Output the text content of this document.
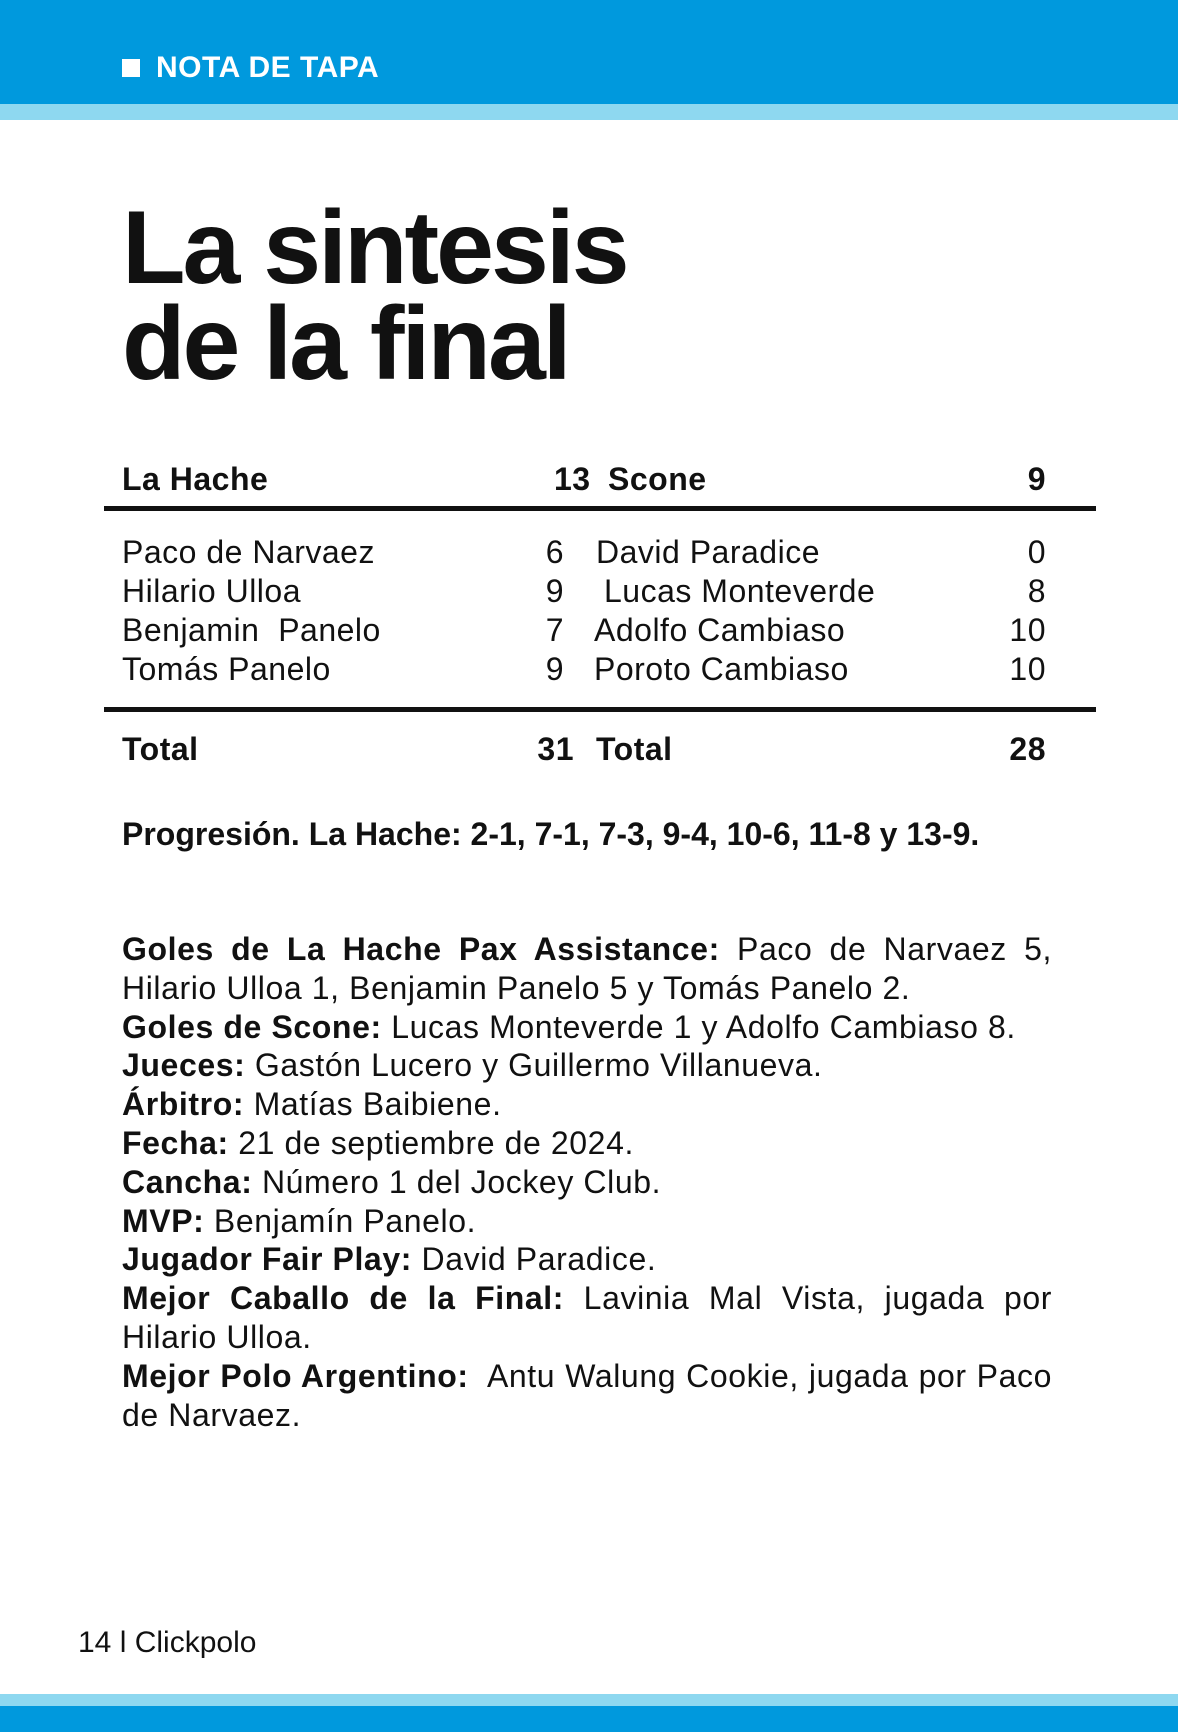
NOTA DE TAPA
La sintesis
de la final
La Hache	13 Scone	9
Paco de Narvaez	6 David Paradice	0
Hilario Ulloa	9 Lucas Monteverde	8
Benjamin  Panelo	7 Adolfo Cambiaso	10
Tomás Panelo	9 Poroto Cambiaso	10
Total	31 Total	28

Progresión. La Hache: 2-1, 7-1, 7-3, 9-4, 10-6, 11-8 y 13-9.

Goles de La Hache Pax Assistance: Paco de Narvaez 5, Hilario Ulloa 1, Benjamin Panelo 5 y Tomás Panelo 2.

Goles de Scone: Lucas Monteverde 1 y Adolfo Cambiaso 8.

Jueces: Gastón Lucero y Guillermo Villanueva.

Árbitro: Matías Baibiene.

Fecha: 21 de septiembre de 2024.

Cancha: Número 1 del Jockey Club.

MVP: Benjamín Panelo.

Jugador Fair Play: David Paradice.

Mejor Caballo de la Final: Lavinia Mal Vista, jugada por Hilario Ulloa.

Mejor Polo Argentino:  Antu Walung Cookie, jugada por Paco de Narvaez.

14 l Clickpolo
